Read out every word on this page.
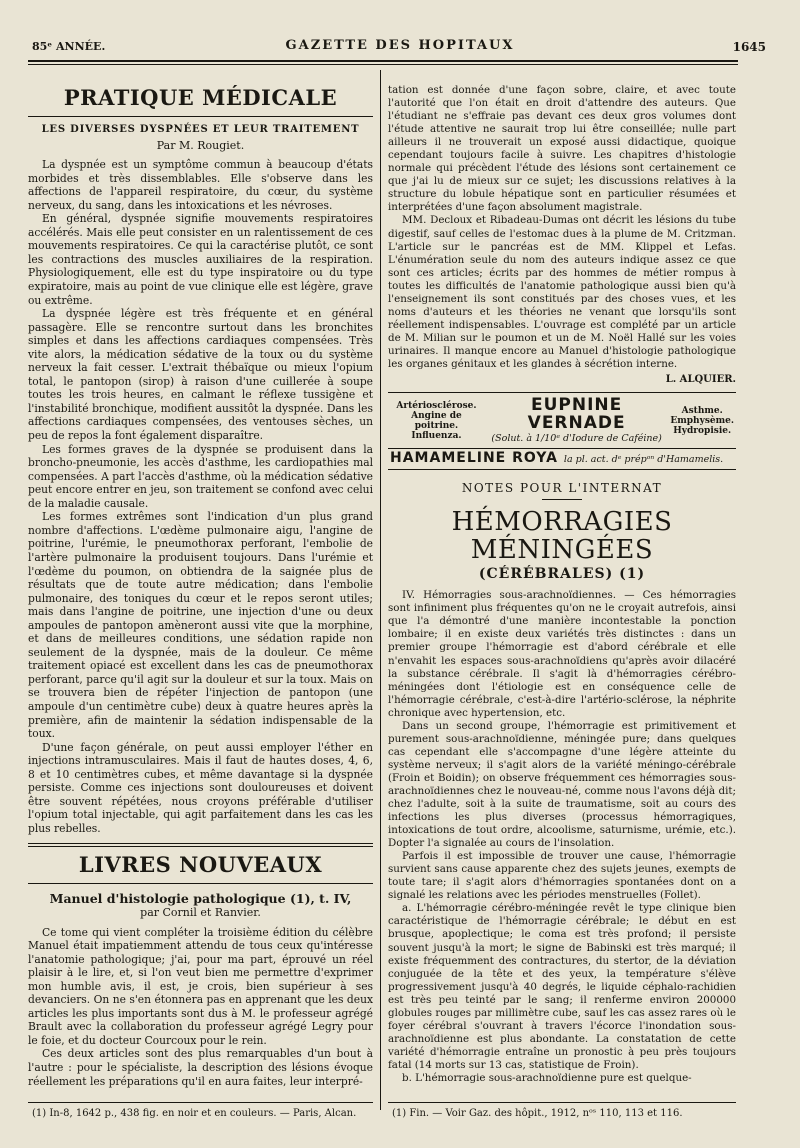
85ᵉ ANNÉE.	GAZETTE DES HOPITAUX	1645
PRATIQUE MÉDICALE
LES DIVERSES DYSPNÉES ET LEUR TRAITEMENT
Par M. Rougiet.

La dyspnée est un symptôme commun à beaucoup d'états morbides et très dissemblables. Elle s'observe dans les affections de l'appareil respiratoire, du cœur, du système nerveux, du sang, dans les intoxications et les névroses.

En général, dyspnée signifie mouvements respiratoires accélérés. Mais elle peut consister en un ralentissement de ces mouvements respiratoires. Ce qui la caractérise plutôt, ce sont les contractions des muscles auxiliaires de la respiration. Physiologiquement, elle est du type inspiratoire ou du type expiratoire, mais au point de vue clinique elle est légère, grave ou extrême.

La dyspnée légère est très fréquente et en général passagère. Elle se rencontre surtout dans les bronchites simples et dans les affections cardiaques compensées. Très vite alors, la médication sédative de la toux ou du système nerveux la fait cesser. L'extrait thébaïque ou mieux l'opium total, le pantopon (sirop) à raison d'une cuillerée à soupe toutes les trois heures, en calmant le réflexe tussigène et l'instabilité bronchique, modifient aussitôt la dyspnée. Dans les affections cardiaques compensées, des ventouses sèches, un peu de repos la font également disparaître.

Les formes graves de la dyspnée se produisent dans la broncho-pneumonie, les accès d'asthme, les cardiopathies mal compensées. A part l'accès d'asthme, où la médication sédative peut encore entrer en jeu, son traitement se confond avec celui de la maladie causale.

Les formes extrêmes sont l'indication d'un plus grand nombre d'affections. L'œdème pulmonaire aigu, l'angine de poitrine, l'urémie, le pneumothorax perforant, l'embolie de l'artère pulmonaire la produisent toujours. Dans l'urémie et l'œdème du poumon, on obtiendra de la saignée plus de résultats que de toute autre médication; dans l'embolie pulmonaire, des toniques du cœur et le repos seront utiles; mais dans l'angine de poitrine, une injection d'une ou deux ampoules de pantopon amèneront aussi vite que la morphine, et dans de meilleures conditions, une sédation rapide non seulement de la dyspnée, mais de la douleur. Ce même traitement opiacé est excellent dans les cas de pneumothorax perforant, parce qu'il agit sur la douleur et sur la toux. Mais on se trouvera bien de répéter l'injection de pantopon (une ampoule d'un centimètre cube) deux à quatre heures après la première, afin de maintenir la sédation indispensable de la toux.

D'une façon générale, on peut aussi employer l'éther en injections intramusculaires. Mais il faut de hautes doses, 4, 6, 8 et 10 centimètres cubes, et même davantage si la dyspnée persiste. Comme ces injections sont douloureuses et doivent être souvent répétées, nous croyons préférable d'utiliser l'opium total injectable, qui agit parfaitement dans les cas les plus rebelles.

LIVRES NOUVEAUX
Manuel d'histologie pathologique (1), t. IV,
par Cornil et Ranvier.

Ce tome qui vient compléter la troisième édition du célèbre Manuel était impatiemment attendu de tous ceux qu'intéresse l'anatomie pathologique; j'ai, pour ma part, éprouvé un réel plaisir à le lire, et, si l'on veut bien me permettre d'exprimer mon humble avis, il est, je crois, bien supérieur à ses devanciers. On ne s'en étonnera pas en apprenant que les deux articles les plus importants sont dus à M. le professeur agrégé Brault avec la collaboration du professeur agrégé Legry pour le foie, et du docteur Courcoux pour le rein.

Ces deux articles sont des plus remarquables d'un bout à l'autre : pour le spécialiste, la description des lésions évoque réellement les préparations qu'il en aura faites, leur interpré-

tation est donnée d'une façon sobre, claire, et avec toute l'autorité que l'on était en droit d'attendre des auteurs. Que l'étudiant ne s'effraie pas devant ces deux gros volumes dont l'étude attentive ne saurait trop lui être conseillée; nulle part ailleurs il ne trouverait un exposé aussi didactique, quoique cependant toujours facile à suivre. Les chapitres d'histologie normale qui précèdent l'étude des lésions sont certainement ce que j'ai lu de mieux sur ce sujet; les discussions relatives à la structure du lobule hépatique sont en particulier résumées et interprétées d'une façon absolument magistrale.

MM. Decloux et Ribadeau-Dumas ont décrit les lésions du tube digestif, sauf celles de l'estomac dues à la plume de M. Critzman. L'article sur le pancréas est de MM. Klippel et Lefas. L'énumération seule du nom des auteurs indique assez ce que sont ces articles; écrits par des hommes de métier rompus à toutes les difficultés de l'anatomie pathologique aussi bien qu'à l'enseignement ils sont constitués par des choses vues, et les noms d'auteurs et les théories ne venant que lorsqu'ils sont réellement indispensables. L'ouvrage est complété par un article de M. Milian sur le poumon et un de M. Noël Hallé sur les voies urinaires. Il manque encore au Manuel d'histologie pathologique les organes génitaux et les glandes à sécrétion interne.

L. ALQUIER.
Artériosclérose.
Angine de poitrine.
Influenza.
EUPNINE VERNADE
(Solut. à 1/10ᵉ d'Iodure de Caféine)
Asthme.
Emphysème.
Hydropisie.
HAMAMELINE ROYA la pl. act. dᵉ prépᵒⁿ d'Hamamelis.
NOTES POUR L'INTERNAT
HÉMORRAGIES MÉNINGÉES
(CÉRÉBRALES) (1)

IV. Hémorragies sous-arachnoïdiennes. — Ces hémorragies sont infiniment plus fréquentes qu'on ne le croyait autrefois, ainsi que l'a démontré d'une manière incontestable la ponction lombaire; il en existe deux variétés très distinctes : dans un premier groupe l'hémorragie est d'abord cérébrale et elle n'envahit les espaces sous-arachnoïdiens qu'après avoir dilacéré la substance cérébrale. Il s'agit là d'hémorragies cérébro-méningées dont l'étiologie est en conséquence celle de l'hémorragie cérébrale, c'est-à-dire l'artério-sclérose, la néphrite chronique avec hypertension, etc.

Dans un second groupe, l'hémorragie est primitivement et purement sous-arachnoïdienne, méningée pure; dans quelques cas cependant elle s'accompagne d'une légère atteinte du système nerveux; il s'agit alors de la variété méningo-cérébrale (Froin et Boidin); on observe fréquemment ces hémorragies sous-arachnoïdiennes chez le nouveau-né, comme nous l'avons déjà dit; chez l'adulte, soit à la suite de traumatisme, soit au cours des infections les plus diverses (processus hémorragiques, intoxications de tout ordre, alcoolisme, saturnisme, urémie, etc.). Dopter l'a signalée au cours de l'insolation.

Parfois il est impossible de trouver une cause, l'hémorragie survient sans cause apparente chez des sujets jeunes, exempts de toute tare; il s'agit alors d'hémorragies spontanées dont on a signalé les relations avec les périodes menstruelles (Follet).

a. L'hémorragie cérébro-méningée revêt le type clinique bien caractéristique de l'hémorragie cérébrale; le début en est brusque, apoplectique; le coma est très profond; il persiste souvent jusqu'à la mort; le signe de Babinski est très marqué; il existe fréquemment des contractures, du stertor, de la déviation conjuguée de la tête et des yeux, la température s'élève progressivement jusqu'à 40 degrés, le liquide céphalo-rachidien est très peu teinté par le sang; il renferme environ 200000 globules rouges par millimètre cube, sauf les cas assez rares où le foyer cérébral s'ouvrant à travers l'écorce l'inondation sous-arachnoïdienne est plus abondante. La constatation de cette variété d'hémorragie entraîne un pronostic à peu près toujours fatal (14 morts sur 13 cas, statistique de Froin).

b. L'hémorragie sous-arachnoïdienne pure est quelque-

(1) In-8, 1642 p., 438 fig. en noir et en couleurs. — Paris, Alcan.	(1) Fin. — Voir Gaz. des hôpit., 1912, nᵒˢ 110, 113 et 116.
